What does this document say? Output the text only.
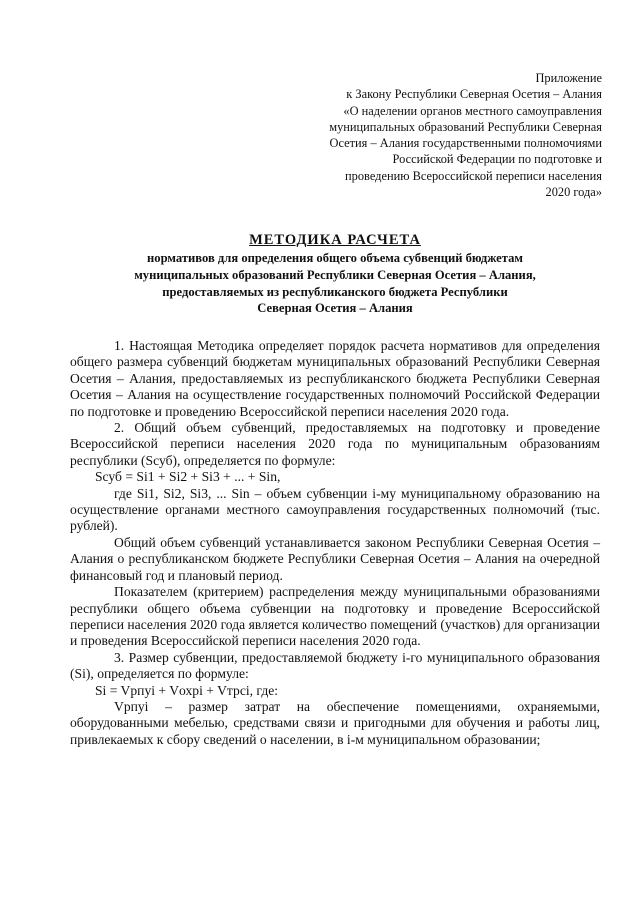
Приложение
к Закону Республики Северная Осетия – Алания
«О наделении органов местного самоуправления
муниципальных образований Республики Северная
Осетия – Алания государственными полномочиями
Российской Федерации по подготовке и
проведению Всероссийской переписи населения
2020 года»
МЕТОДИКА РАСЧЕТА
нормативов для определения общего объема субвенций бюджетам
муниципальных образований Республики Северная Осетия – Алания,
предоставляемых из республиканского бюджета Республики
Северная Осетия – Алания

1. Настоящая Методика определяет порядок расчета нормативов для определения общего размера субвенций бюджетам муниципальных образований Республики Северная Осетия – Алания, предоставляемых из республиканского бюджета Республики Северная Осетия – Алания на осуществление государственных полномочий Российской Федерации по подготовке и проведению Всероссийской переписи населения 2020 года.

2. Общий объем субвенций, предоставляемых на подготовку и проведение Всероссийской переписи населения 2020 года по муниципальным образованиям республики (Sсуб), определяется по формуле:

Sсуб = Si1 + Si2 + Si3 + ... + Sin,

где Si1, Si2, Si3, ... Sin – объем субвенции i-му муниципальному образованию на осуществление органами местного самоуправления государственных полномочий (тыс. рублей).

Общий объем субвенций устанавливается законом Республики Северная Осетия – Алания о республиканском бюджете Республики Северная Осетия – Алания на очередной финансовый год и плановый период.

Показателем (критерием) распределения между муниципальными образованиями республики общего объема субвенции на подготовку и проведение Всероссийской переписи населения 2020 года является количество помещений (участков) для организации и проведения Всероссийской переписи населения 2020 года.

3. Размер субвенции, предоставляемой бюджету i-го муниципального образования (Si), определяется по формуле:

Si = Vpпуi + Vохрi + Vтрсi, где:

Vpпуi – размер затрат на обеспечение помещениями, охраняемыми, оборудованными мебелью, средствами связи и пригодными для обучения и работы лиц, привлекаемых к сбору сведений о населении, в i-м муниципальном образовании;
